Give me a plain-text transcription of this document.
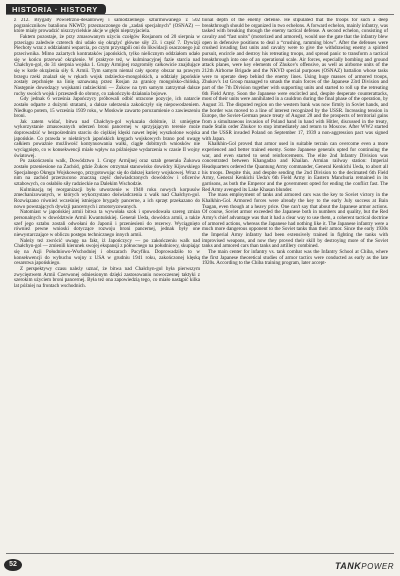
HISTORIA · HISTORY

z 212. Brygady Powietrzno-desantowej i samodzielnego szturmowanego z 502 pogranicznikow batalionu NKWD; przeznaczonego do „zadań specjalnych” (OSNAZ) — które miały prowadzić niszczycielskie akcje w głębi nieprzyjaciela.

Faktem pozostaje, że przy zmasowanym użyciu czołgów Rosjanom od 20 sierpnia w przeciągu zaledwie czterech dni udało się okrążyć główne siły 23. i część 7. Dywizji Piechoty wraz z oddziałami wsparcia, po czym przystąpili oni do likwidacji osaczonego już przeciwnika. Mimo zażartych kontrataków japońskich, tylko nielicznym oddziałom udało się w końcu przerwać okrążenie. W praktyce też, w kulminacyjnej fazie starcia nad Chałchyn-gol, do 31 sierpnia wojska 1. Grupy Armijnej rozgromiły całkowicie znajdujące się w kotle okrążenia siły 6. Armii. Tym samym niemal cały sporny obszar na prawym brzegu rzeki znalazł się w rękach wojsk radziecko-mongolskich, a oddziały japońskie zostały zepchnięte na linię uznawaną przez Rosjan za granicę mongolsko-chińską. Następnie dowodzący wojskami radzieckimi — Żukow na tym samym zatrzymał dalsze ruchy swoich wojsk i przeszedł do obrony, co zakończyło działania bojowe.

Gdy jednak 6 września Japończycy próbowali odbić utracone pozycje, ich natarcie zostało odparte z dużymi stratami, a dalsze uderzenia zakończyły się niepowodzeniem. Niedługo potem, 15 września 1939 roku, w Moskwie zawarto porozumienie o zawieszeniu broni.

Jak zatem widać, bitwa nad Chałchyn-gol wykazała dobitnie, iż umiejętne wykorzystanie zmasowanych uderzeń broni pancernej w sprzyjającym terenie może doprowadzić w bezpośrednim starciu do ciężkiej klęski nawet lepiej wyszkolone wojska japońskie. Co prawda w niektórych japońskich kręgach wojskowych brano pod uwagę całkiem poważnie możliwość kontynuowania walki, ciągłe dobitnych wniosków nie wyciągnięto, co w konsekwencji miało wpływ na późniejsze wydarzenia w czasie II wojny światowej.

Po zakończeniu walk, Dowództwo 1. Grupy Armijnej oraz sztab generała Żukowa zostało przeniesione na Zachód, gdzie Żukow otrzymał stanowisko dowódcy Kijowskiego Specjalnego Okręgu Wojskowego, przygotowując się do dalszej kariery wojskowej. Wraz z nim na zachód przerzucono znaczną część doświadczonych dowódców i oficerów sztabowych, co osłabiło siły radzieckie na Dalekim Wschodzie.

Kulminacją tej reorganizacji było utworzenie w 1940 roku nowych korpusów zmechanizowanych, w których wykorzystano doświadczenia z walk nad Chałchyn-gol. Rozwiązano również wcześniej istniejące brygady pancerne, a ich sprzęt przekazano do nowo powstających dywizji pancernych i zmotoryzowanych.

Natomiast w japońskiej armii bitwa ta wywołała szok i spowodowała szereg zmian personalnych w dowództwie Armii Kwantuńskiej. Generał Ueda, dowódca armii, a także szef jego sztabu zostali odwołani do Japonii i przeniesieni do rezerwy. Wyciągnięto również pewne wnioski dotyczące rozwoju broni pancernej, jednak były one niewystarczające w obliczu postępu technicznego innych armii.

Należy też zwrócić uwagę na fakt, iż Japończycy — po zakończeniu walk nad Chałchyn-gol — zmienili kierunek swojej ekspansji z północnego na południowy, skupiając się na Azji Południowo-Wschodniej i obszarach Pacyfiku. Doprowadziło to w konsekwencji do wybuchu wojny z USA w grudniu 1941 roku, zakończonej klęską cesarstwa japońskiego.

Z perspektywy czasu należy uznać, że bitwa nad Chałchyn-gol była pierwszym zwycięstwem Armii Czerwonej odniesionym dzięki zastosowaniu nowoczesnej taktyki z szerokim użyciem broni pancernej. Była też ona zapowiedzią tego, co miało nastąpić kilka lat później na frontach wschodnich.

tional depth of the enemy defense. He stipulated that the troops for such a deep breakthrough should be organized in two echelons. A forward echelon, mainly infantry, was tasked with breaking through the enemy tactical defense. A second echelon, consisting of cavalry and “fast units” (motorized and armored), would use the gate that the infantry blew open in defensive positions to deal a “crushing, ramming blow”. After the defenses were crushed invading fast units and cavalry were to give the withdrawing enemy a spirited pursuit, encircle and destroy his retreating troops, and spread panic to transform a tactical breakthrough into one of an operational scale. Air forces, especially bombing and ground attack planes, were key elements of Zhukov's offensive, as well as airborne units of the 212th Airborne Brigade and the NKVD special purposes (OSNAZ) battalion whose tasks were to operate deep behind the enemy lines. Using huge masses of armored troops, Zhukov's 1st Group managed to smash the main forces of the Japanese 23rd Division and part of the 7th Division together with supporting units and started to roll up the retreating 6th Field Army. Soon the Japanese were encircled and, despite desperate counterattacks, most of their units were annihilated in a cauldron during the final phase of the operation, by August 31. The disputed region on the western bank was now firmly in Soviet hands, and the border was moved to a line of interest recognized by the USSR. Increasing tension in Europe, the Soviet-German peace treaty of August 28 and the prospects of territorial gains from a simultaneous invasion of Poland hand in hand with Hitler, discussed in the treaty, made Stalin order Zhukov to stop immediately and return to Moscow. After WW2 started and the USSR invaded Poland on September 17, 1939 a non-aggression pact was signed with Japan.

Khalkhin-Gol proved that armor used in suitable terrain can overcome even a more experienced and better trained enemy. Some Japanese generals opted for continuing the war, and even started to send reinforcements. The elite 2nd Infantry Division was concentrated between Khangadzo and Khailan. Armian railway station: Imperial Headquarters ordered the Quantung Army commander, General Kenkichi Ueda, to abort all his troops. Despite this, and despite sending the 2nd Division to the decimated 6th Field Army, General Kenkichi Ueda's 6th Field Army in Eastern Manchuria remained in its garrisons, as both the Emperor and the government opted for ending the conflict fast. The Red Army avenged its Lake Khasan blunder.

The mass employment of tanks and armored cars was the key to Soviet victory in the Khalkhin-Gol. Armored forces were already the key to the early July success at Bain Tsagan, even though at a heavy price. One can't say that about the Japanese armor actions. Of course, Soviet armor exceeded the Japanese both in numbers and quality, but the Red Army's chief advantage was that it had a clear way to use them, a coherent tactical doctrine of armored actions, whereas the Japanese had nothing like it. The Japanese infantry were a much more dangerous opponent to the Soviet tanks than their armor. Since the early 1930s the Imperial Army infantry had been extensively trained in fighting the tanks with improvised weapons, and now they proved their skill by destroying more of the Soviet tanks and armored cars than tanks and artillery combined.

The main center for infantry vs. tank combat was the Infantry School at Chiba, where the first Japanese theoretical studies of armor tactics were conducted as early as the late 1920s. According to the Chiba training program, later accept-

52	TANKPOWER
